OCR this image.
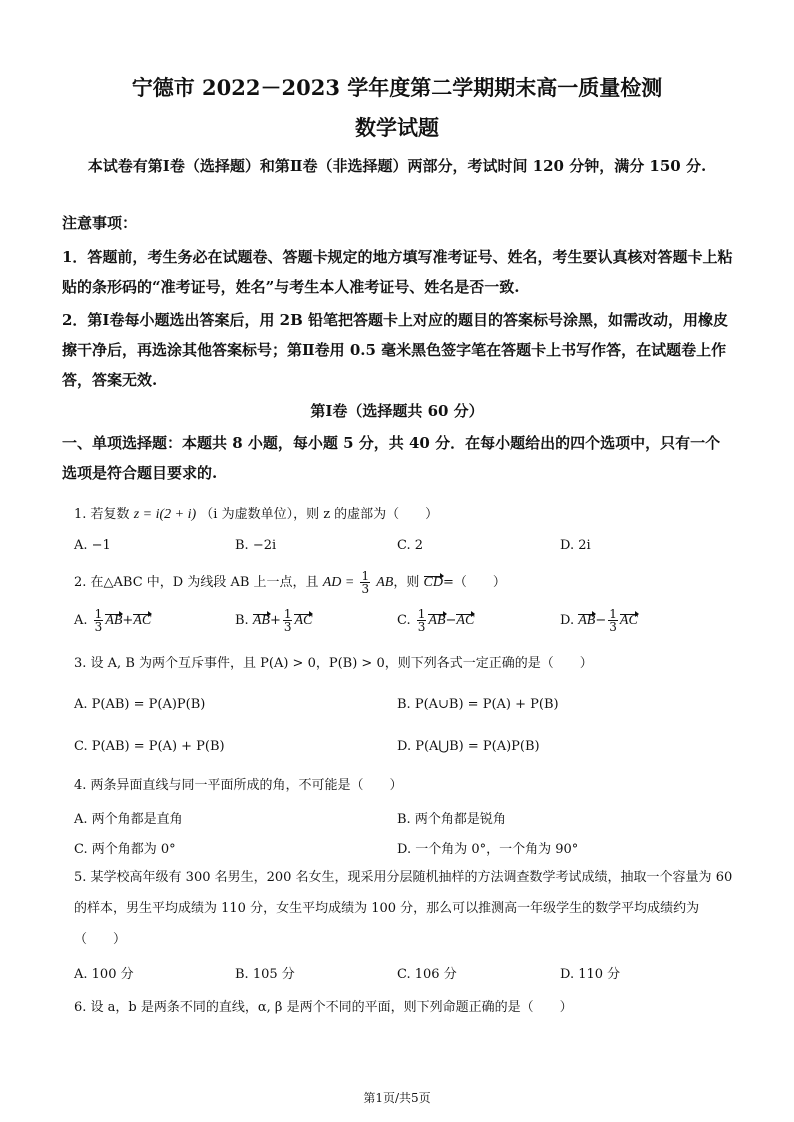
宁德市 2022－2023 学年度第二学期期末高一质量检测
数学试题
本试卷有第Ⅰ卷（选择题）和第Ⅱ卷（非选择题）两部分，考试时间 120 分钟，满分 150 分.
注意事项：
1．答题前，考生务必在试题卷、答题卡规定的地方填写准考证号、姓名，考生要认真核对答题卡上粘贴的条形码的“准考证号，姓名”与考生本人准考证号、姓名是否一致.
2．第Ⅰ卷每小题选出答案后，用 2B 铅笔把答题卡上对应的题目的答案标号涂黑，如需改动，用橡皮擦干净后，再选涂其他答案标号；第Ⅱ卷用 0.5 毫米黑色签字笔在答题卡上书写作答，在试题卷上作答，答案无效.
第Ⅰ卷（选择题共 60 分）
一、单项选择题：本题共 8 小题，每小题 5 分，共 40 分．在每小题给出的四个选项中，只有一个选项是符合题目要求的.
1. 若复数 z = i(2 + i) （i 为虚数单位），则 z 的虚部为（　　）
A. −1	B. −2i	C. 2	D. 2i
2. 在△ABC 中，D 为线段 AB 上一点，且 AD = $\frac{1}{3}$ AB，则 CD=（　　）
A. $\frac{1}{3} AB+AC$	B. $AB+ \frac{1}{3}$ AC	C. $\frac{1}{3} AB-AC$	D. $AB- \frac{1}{3}$ AC
3. 设 A, B 为两个互斥事件，且 P(A) > 0，P(B) > 0，则下列各式一定正确的是（　　）
A. P(AB) = P(A)P(B)	B. P(A∪B) = P(A) + P(B)
C. P(AB) = P(A) + P(B)	D. P(A⋃B) = P(A)P(B)
4. 两条异面直线与同一平面所成的角，不可能是（　　）
A. 两个角都是直角	B. 两个角都是锐角
C. 两个角都为 0°	D. 一个角为 0°，一个角为 90°
5. 某学校高年级有 300 名男生，200 名女生，现采用分层随机抽样的方法调查数学考试成绩，抽取一个容量为 60 的样本，男生平均成绩为 110 分，女生平均成绩为 100 分，那么可以推测高一年级学生的数学平均成绩约为（　　）
A. 100 分	B. 105 分	C. 106 分	D. 110 分
6. 设 a，b 是两条不同的直线，α, β 是两个不同的平面，则下列命题正确的是（　　）
第1页/共5页
